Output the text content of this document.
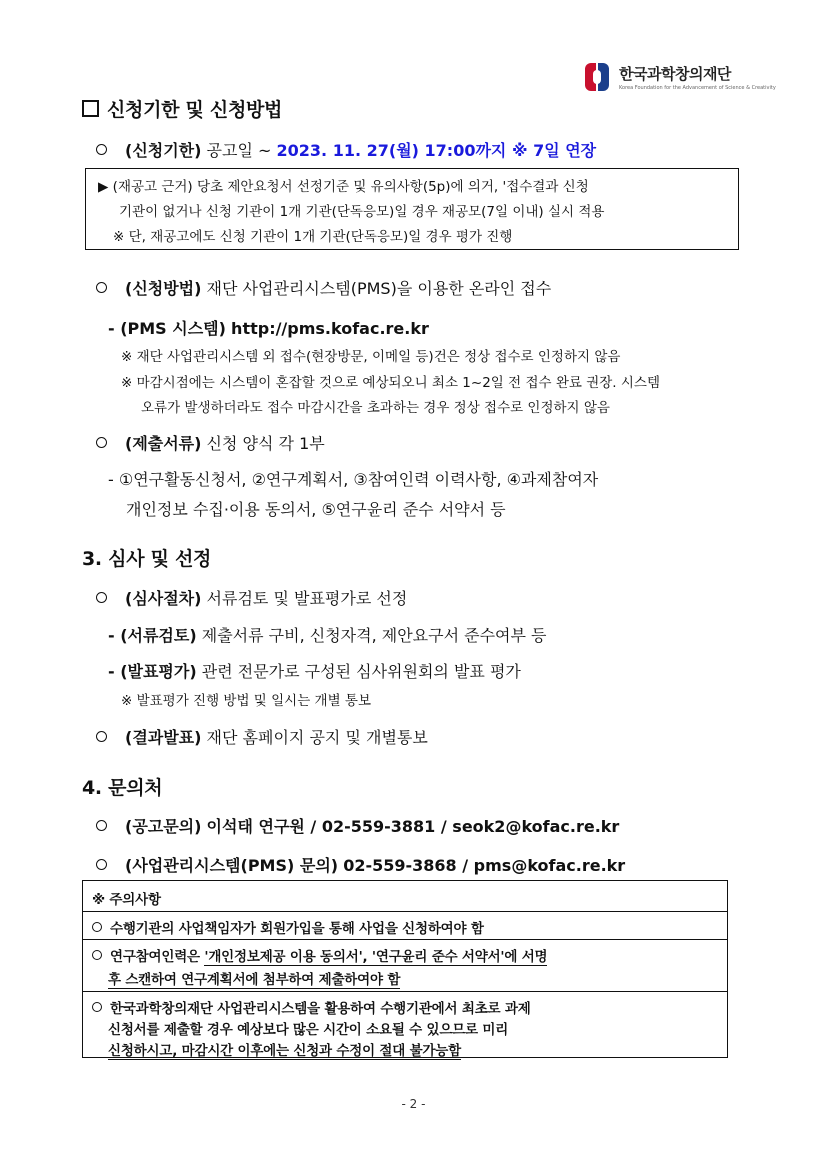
한국과학창의재단
Korea Foundation for the Advancement of Science & Creativity
신청기한 및 신청방법
(신청기한) 공고일 ~ 2023. 11. 27(월) 17:00까지 ※ 7일 연장
▶ (재공고 근거) 당초 제안요청서 선정기준 및 유의사항(5p)에 의거, '접수결과 신청
기관이 없거나 신청 기관이 1개 기관(단독응모)일 경우 재공모(7일 이내) 실시 적용
※ 단, 재공고에도 신청 기관이 1개 기관(단독응모)일 경우 평가 진행
(신청방법) 재단 사업관리시스템(PMS)을 이용한 온라인 접수
- (PMS 시스템) http://pms.kofac.re.kr
※ 재단 사업관리시스템 외 접수(현장방문, 이메일 등)건은 정상 접수로 인정하지 않음
※ 마감시점에는 시스템이 혼잡할 것으로 예상되오니 최소 1~2일 전 접수 완료 권장. 시스템
오류가 발생하더라도 접수 마감시간을 초과하는 경우 정상 접수로 인정하지 않음
(제출서류) 신청 양식 각 1부
- ①연구활동신청서, ②연구계획서, ③참여인력 이력사항, ④과제참여자
개인정보 수집·이용 동의서, ⑤연구윤리 준수 서약서 등
3. 심사 및 선정
(심사절차) 서류검토 및 발표평가로 선정
- (서류검토) 제출서류 구비, 신청자격, 제안요구서 준수여부 등
- (발표평가) 관련 전문가로 구성된 심사위원회의 발표 평가
※ 발표평가 진행 방법 및 일시는 개별 통보
(결과발표) 재단 홈페이지 공지 및 개별통보
4. 문의처
(공고문의) 이석태 연구원 / 02-559-3881 / seok2@kofac.re.kr
(사업관리시스템(PMS) 문의) 02-559-3868 / pms@kofac.re.kr
※ 주의사항
수행기관의 사업책임자가 회원가입을 통해 사업을 신청하여야 함
연구참여인력은 '개인정보제공 이용 동의서', '연구윤리 준수 서약서'에 서명
후 스캔하여 연구계획서에 첨부하여 제출하여야 함
한국과학창의재단 사업관리시스템을 활용하여 수행기관에서 최초로 과제
신청서를 제출할 경우 예상보다 많은 시간이 소요될 수 있으므로 미리
신청하시고, 마감시간 이후에는 신청과 수정이 절대 불가능함
- 2 -
